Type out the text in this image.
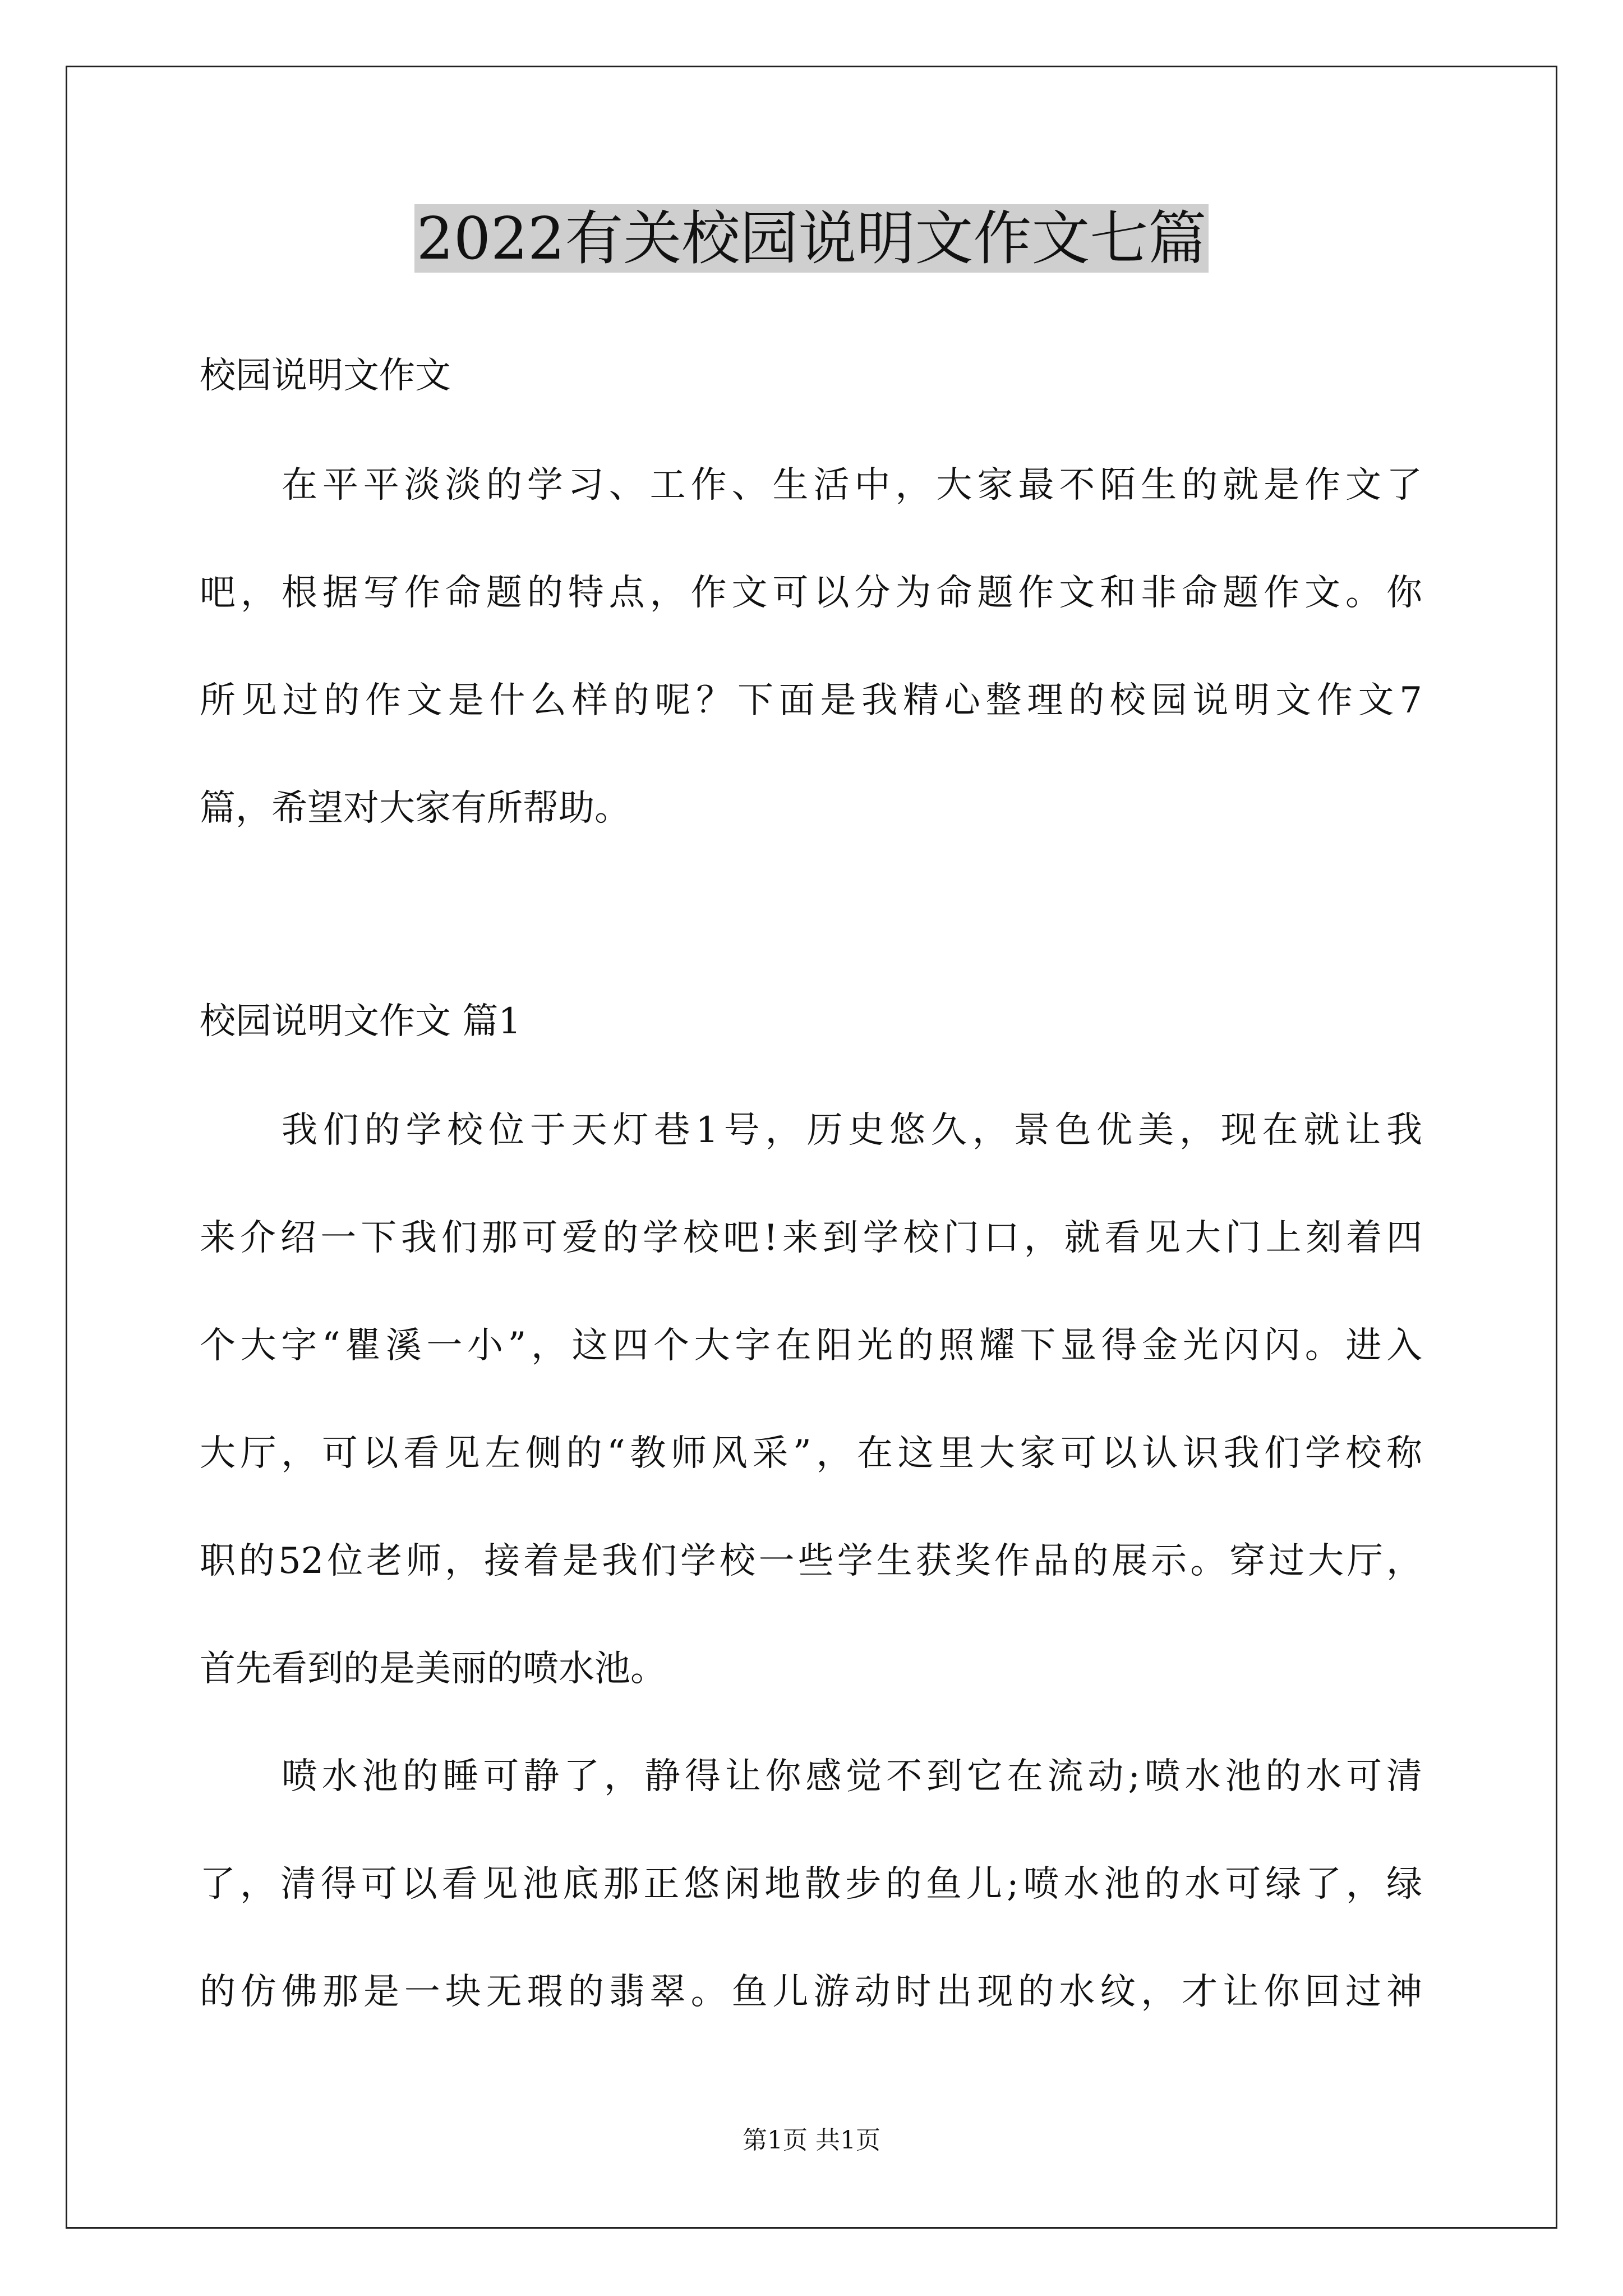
2022有关校园说明文作文七篇
校园说明文作文
在平平淡淡的学习、工作、生活中，大家最不陌生的就是作文了
吧，根据写作命题的特点，作文可以分为命题作文和非命题作文。你
所见过的作文是什么样的呢？下面是我精心整理的校园说明文作文7
篇，希望对大家有所帮助。
校园说明文作文 篇1
我们的学校位于天灯巷1号，历史悠久，景色优美，现在就让我
来介绍一下我们那可爱的学校吧!来到学校门口，就看见大门上刻着四
个大字“瞿溪一小”，这四个大字在阳光的照耀下显得金光闪闪。进入
大厅，可以看见左侧的“教师风采”，在这里大家可以认识我们学校称
职的52位老师，接着是我们学校一些学生获奖作品的展示。穿过大厅，
首先看到的是美丽的喷水池。
喷水池的睡可静了，静得让你感觉不到它在流动;喷水池的水可清
了，清得可以看见池底那正悠闲地散步的鱼儿;喷水池的水可绿了，绿
的仿佛那是一块无瑕的翡翠。鱼儿游动时出现的水纹，才让你回过神
第1页 共1页
